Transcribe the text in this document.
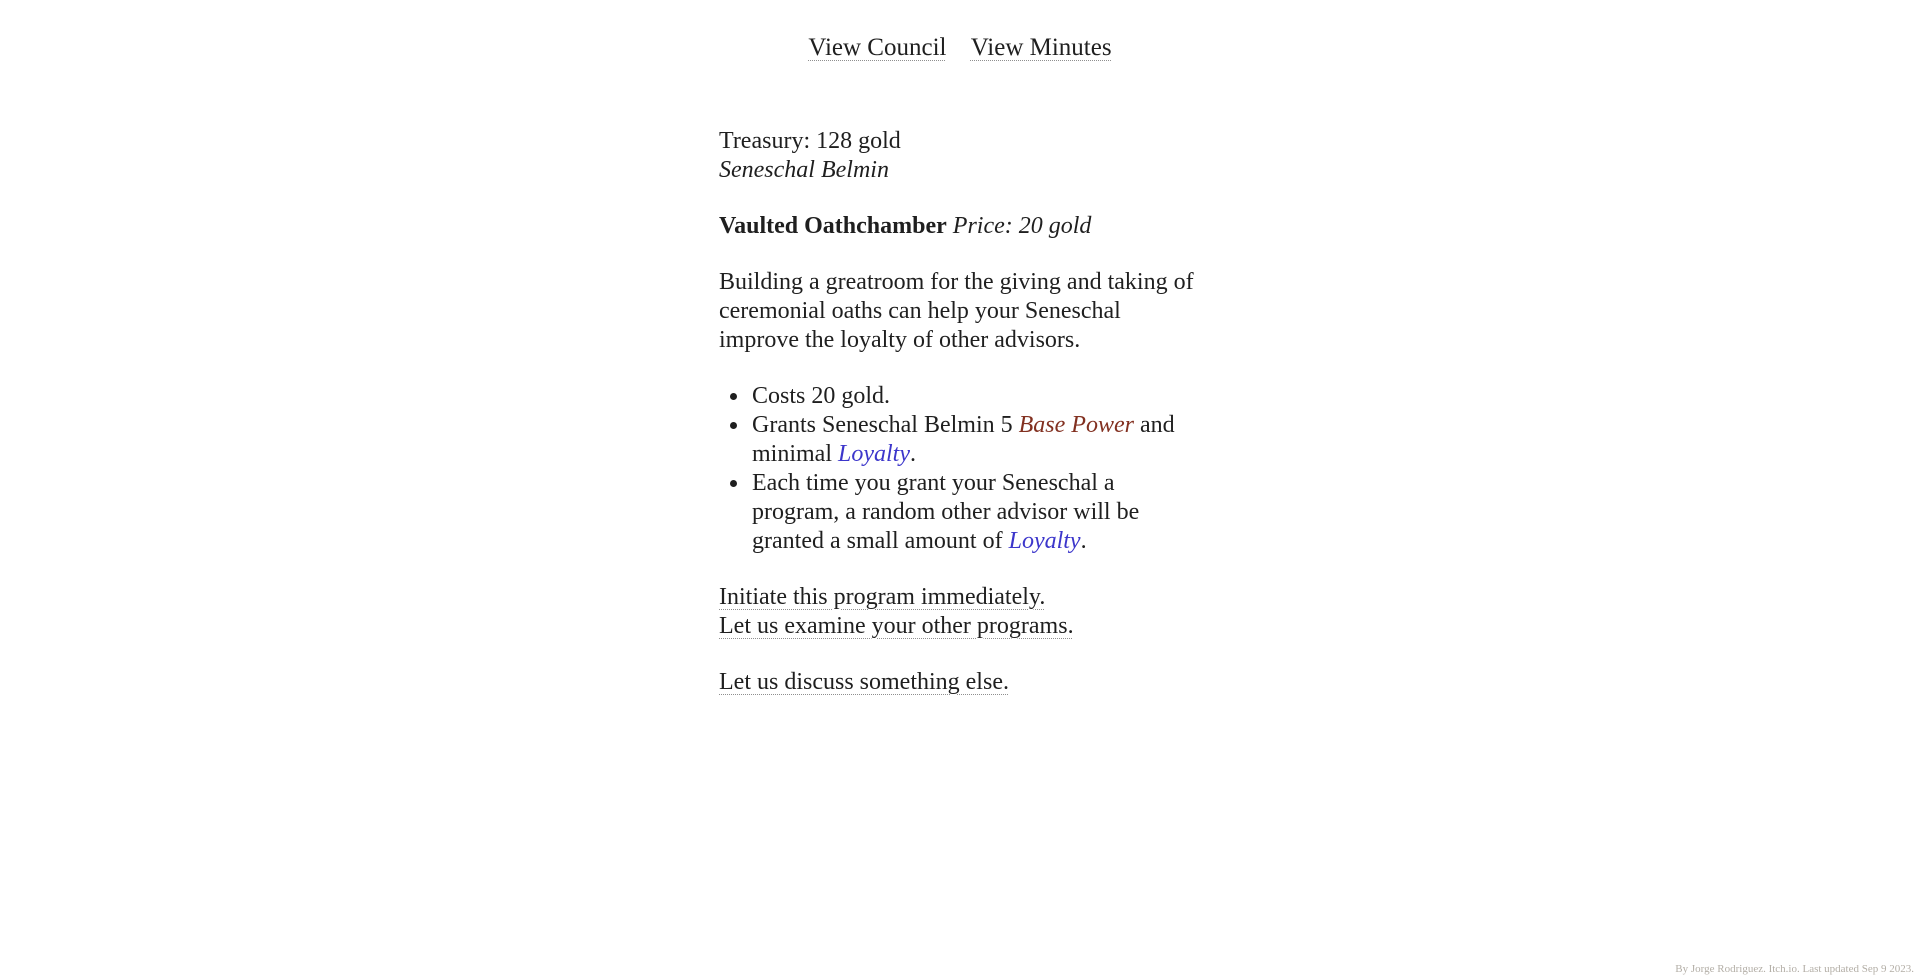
View Council View Minutes
Treasury: 128 gold
Seneschal Belmin

Vaulted Oathchamber Price: 20 gold

Building a greatroom for the giving and taking of ceremonial oaths can help your Seneschal improve the loyalty of other advisors.

• Costs 20 gold.
• Grants Seneschal Belmin 5 Base Power and minimal Loyalty.
• Each time you grant your Seneschal a program, a random other advisor will be granted a small amount of Loyalty.

Initiate this program immediately.
Let us examine your other programs.

Let us discuss something else.

By Jorge Rodriguez. Itch.io. Last updated Sep 9 2023.
